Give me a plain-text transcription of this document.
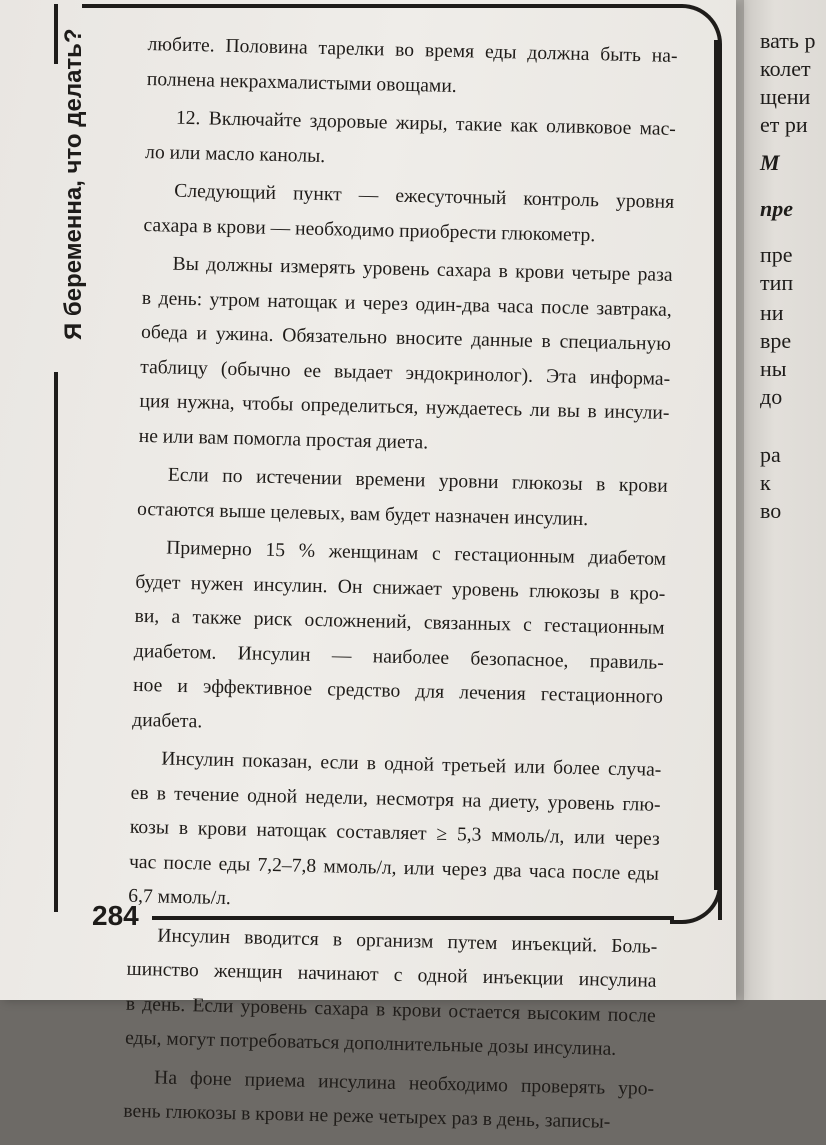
Я беременна, что делать?
284
любите. Половина тарелки во время еды должна быть на-
полнена некрахмалистыми овощами.
12. Включайте здоровые жиры, такие как оливковое мас-
ло или масло канолы.
Следующий пункт — ежесуточный контроль уровня
сахара в крови — необходимо приобрести глюкометр.
Вы должны измерять уровень сахара в крови четыре раза
в день: утром натощак и через один-два часа после завтрака,
обеда и ужина. Обязательно вносите данные в специальную
таблицу (обычно ее выдает эндокринолог). Эта информа-
ция нужна, чтобы определиться, нуждаетесь ли вы в инсули-
не или вам помогла простая диета.
Если по истечении времени уровни глюкозы в крови
остаются выше целевых, вам будет назначен инсулин.
Примерно 15 % женщинам с гестационным диабетом
будет нужен инсулин. Он снижает уровень глюкозы в кро-
ви, а также риск осложнений, связанных с гестационным
диабетом. Инсулин — наиболее безопасное, правиль-
ное и эффективное средство для лечения гестационного
диабета.
Инсулин показан, если в одной третьей или более случа-
ев в течение одной недели, несмотря на диету, уровень глю-
козы в крови натощак составляет ≥ 5,3 ммоль/л, или через
час после еды 7,2–7,8 ммоль/л, или через два часа после еды
6,7 ммоль/л.
Инсулин вводится в организм путем инъекций. Боль-
шинство женщин начинают с одной инъекции инсулина
в день. Если уровень сахара в крови остается высоким после
еды, могут потребоваться дополнительные дозы инсулина.
На фоне приема инсулина необходимо проверять уро-
вень глюкозы в крови не реже четырех раз в день, записы-
вать р
колет
щени
ет ри
М
пре
пре
тип
ни
вре
ны
до
ра
к
во
